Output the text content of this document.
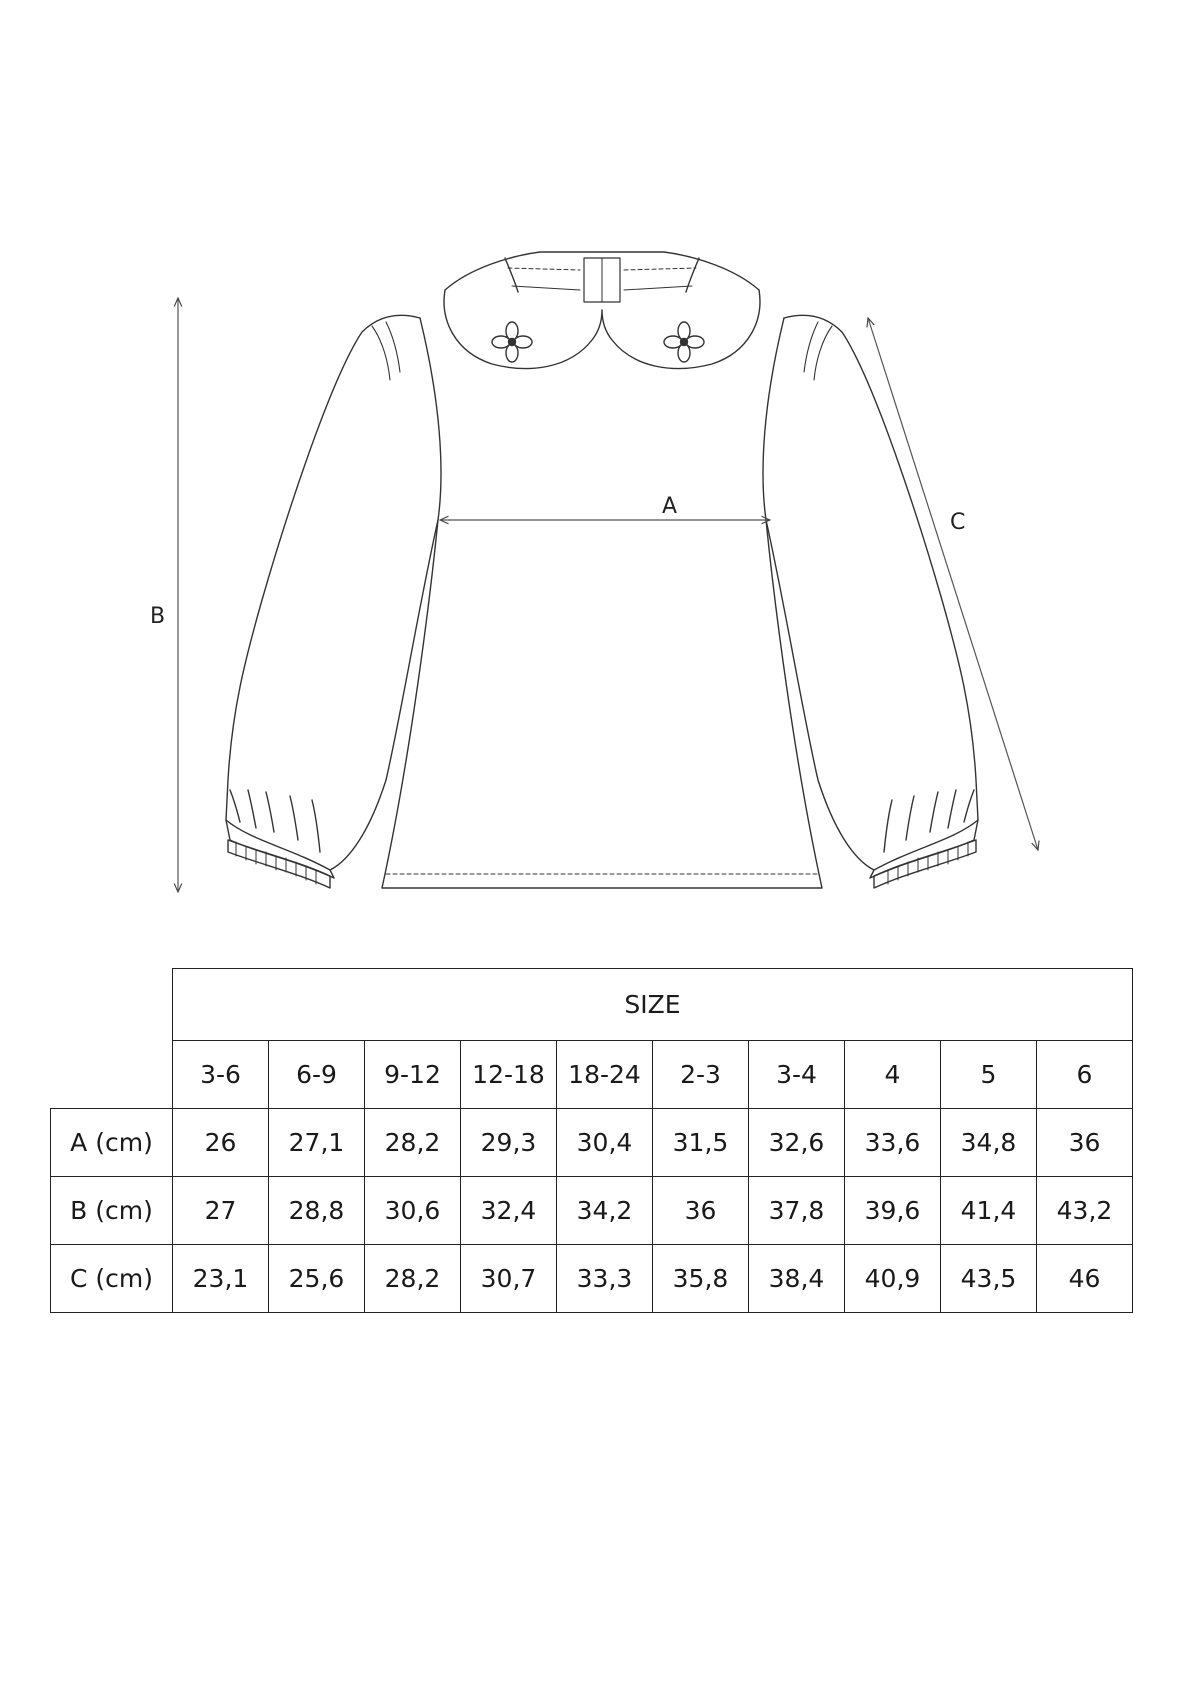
A
B
C
	SIZE									
	3-6	6-9	9-12	12-18	18-24	2-3	3-4	4	5	6
A (cm)	26	27,1	28,2	29,3	30,4	31,5	32,6	33,6	34,8	36
B (cm)	27	28,8	30,6	32,4	34,2	36	37,8	39,6	41,4	43,2
C (cm)	23,1	25,6	28,2	30,7	33,3	35,8	38,4	40,9	43,5	46
